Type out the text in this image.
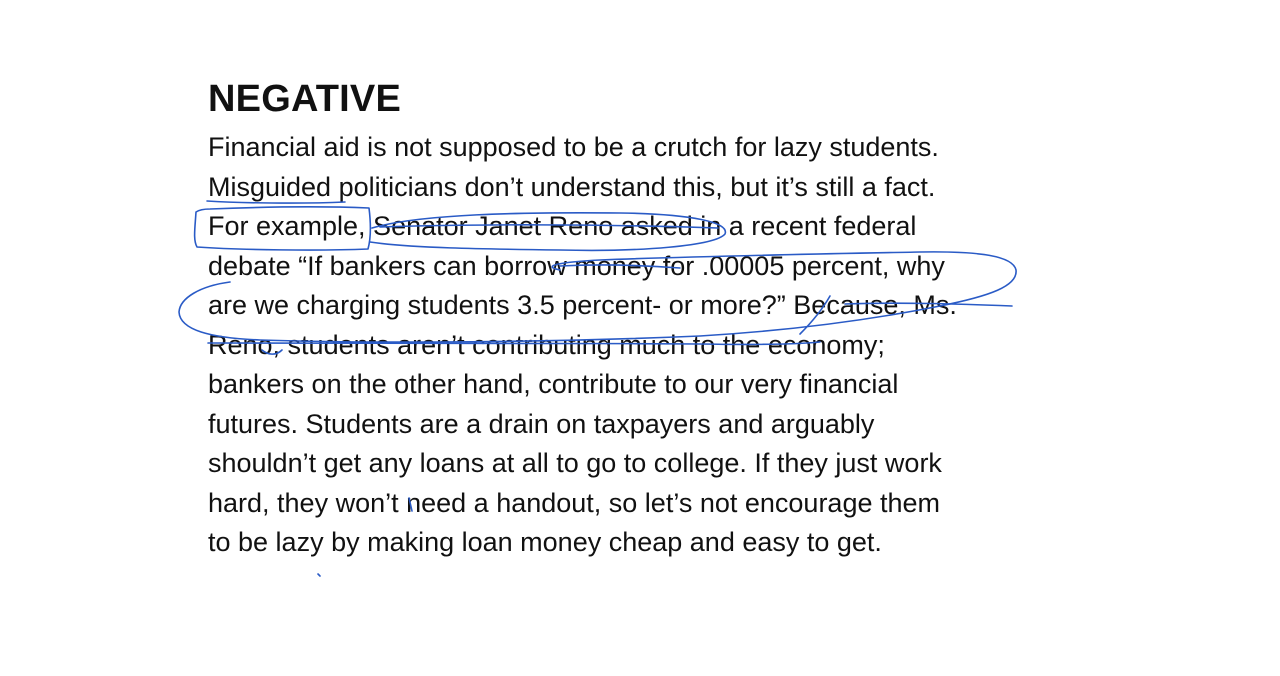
NEGATIVE
Financial aid is not supposed to be a crutch for lazy students.
Misguided politicians don’t understand this, but it’s still a fact.
For example, Senator Janet Reno asked in a recent federal
debate “If bankers can borrow money for .00005 percent, why
are we charging students 3.5 percent- or more?” Because, Ms.
Reno, students aren’t contributing much to the economy;
bankers on the other hand, contribute to our very financial
futures. Students are a drain on taxpayers and arguably
shouldn’t get any loans at all to go to college. If they just work
hard, they won’t need a handout, so let’s not encourage them
to be lazy by making loan money cheap and easy to get.
